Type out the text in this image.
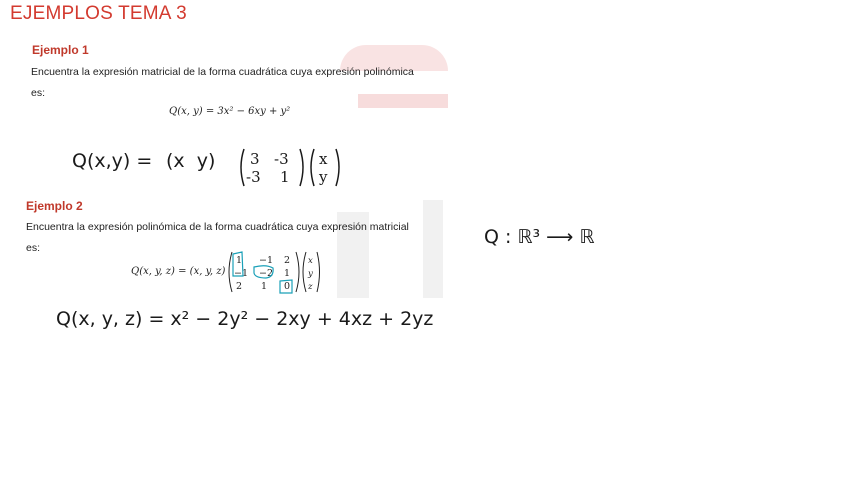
EJEMPLOS TEMA 3
Ejemplo 1
Encuentra la expresión matricial de la forma cuadrática cuya expresión polinómica
es:
Q(x, y) = 3x² − 6xy + y²
Q(x,y) = (x  y) 3 -3
-3 1
x
y
Ejemplo 2
Encuentra la expresión polinómica de la forma cuadrática cuya expresión matricial
es:
Q(x, y, z) = (x, y, z)
1 −1 2
−1 −2 1
2 1 0
x
y
z
Q(x, y, z) = x² − 2y² − 2xy + 4xz + 2yz
Q : ℝ³ ⟶ ℝ
